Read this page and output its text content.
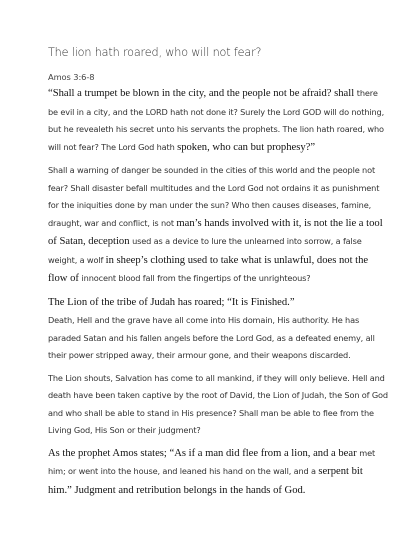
The lion hath roared, who will not fear?
Amos 3:6-8

“Shall a trumpet be blown in the city, and the people not be afraid? shall there be evil in a city, and the LORD hath not done it? Surely the Lord GOD will do nothing, but he revealeth his secret unto his servants the prophets. The lion hath roared, who will not fear? The Lord God hath spoken, who can but prophesy?”

Shall a warning of danger be sounded in the cities of this world and the people not fear? Shall disaster befall multitudes and the Lord God not ordains it as punishment for the iniquities done by man under the sun? Who then causes diseases, famine, draught, war and conflict, is not man’s hands involved with it, is not the lie a tool of Satan, deception used as a device to lure the unlearned into sorrow, a false weight, a wolf in sheep’s clothing used to take what is unlawful, does not the flow of innocent blood fall from the fingertips of the unrighteous?

The Lion of the tribe of Judah has roared; “It is Finished.”
Death, Hell and the grave have all come into His domain, His authority. He has paraded Satan and his fallen angels before the Lord God, as a defeated enemy, all their power stripped away, their armour gone, and their weapons discarded.

The Lion shouts, Salvation has come to all mankind, if they will only believe. Hell and death have been taken captive by the root of David, the Lion of Judah, the Son of God and who shall be able to stand in His presence? Shall man be able to flee from the Living God, His Son or their judgment?

As the prophet Amos states; “As if a man did flee from a lion, and a bear met him; or went into the house, and leaned his hand on the wall, and a serpent bit him.” Judgment and retribution belongs in the hands of God.
